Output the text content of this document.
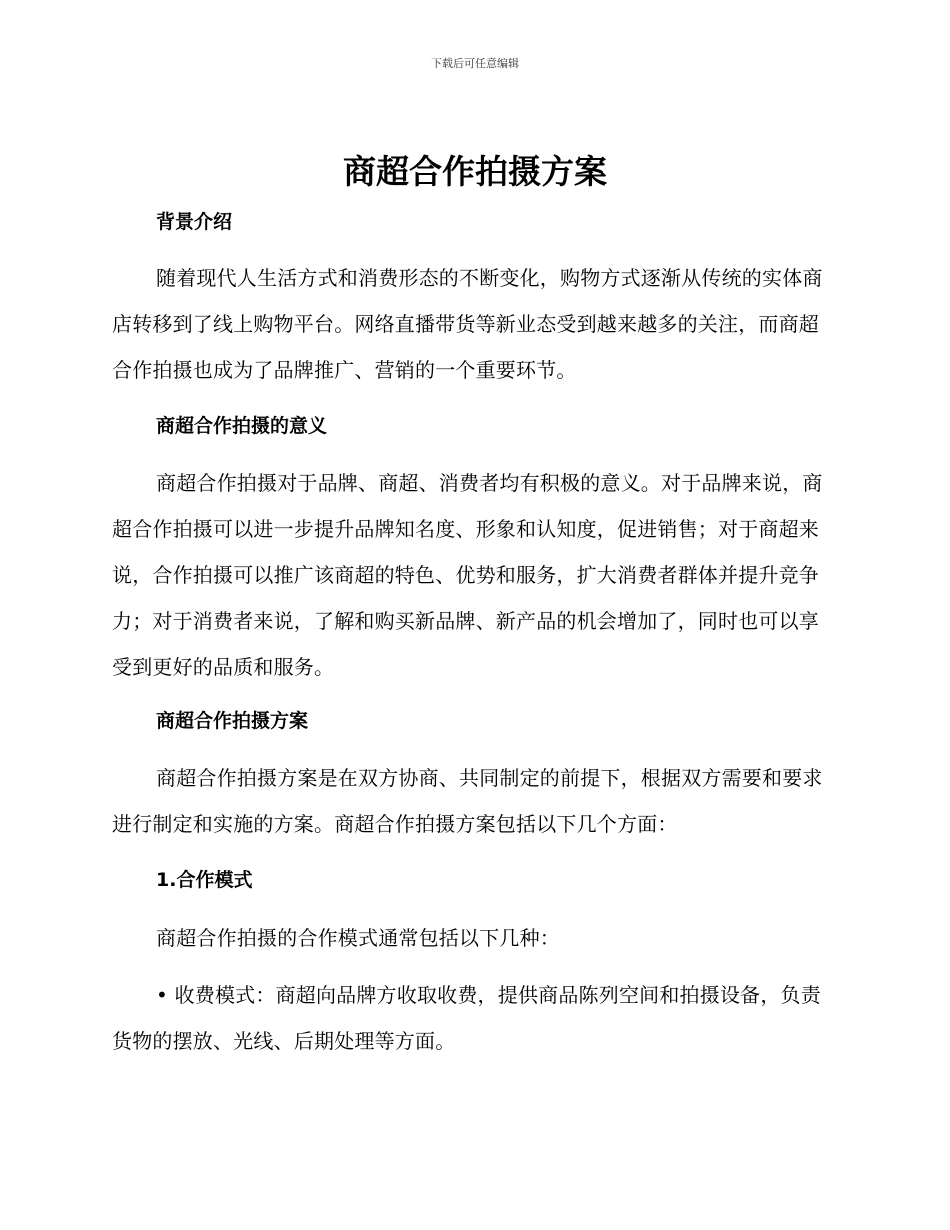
下载后可任意编辑
商超合作拍摄方案
背景介绍

随着现代人生活方式和消费形态的不断变化，购物方式逐渐从传统的实体商店转移到了线上购物平台。网络直播带货等新业态受到越来越多的关注，而商超合作拍摄也成为了品牌推广、营销的一个重要环节。

商超合作拍摄的意义

商超合作拍摄对于品牌、商超、消费者均有积极的意义。对于品牌来说，商超合作拍摄可以进一步提升品牌知名度、形象和认知度，促进销售；对于商超来说，合作拍摄可以推广该商超的特色、优势和服务，扩大消费者群体并提升竞争力；对于消费者来说，了解和购买新品牌、新产品的机会增加了，同时也可以享受到更好的品质和服务。

商超合作拍摄方案

商超合作拍摄方案是在双方协商、共同制定的前提下，根据双方需要和要求进行制定和实施的方案。商超合作拍摄方案包括以下几个方面：

1.合作模式

商超合作拍摄的合作模式通常包括以下几种：

• 收费模式：商超向品牌方收取收费，提供商品陈列空间和拍摄设备，负责货物的摆放、光线、后期处理等方面。
